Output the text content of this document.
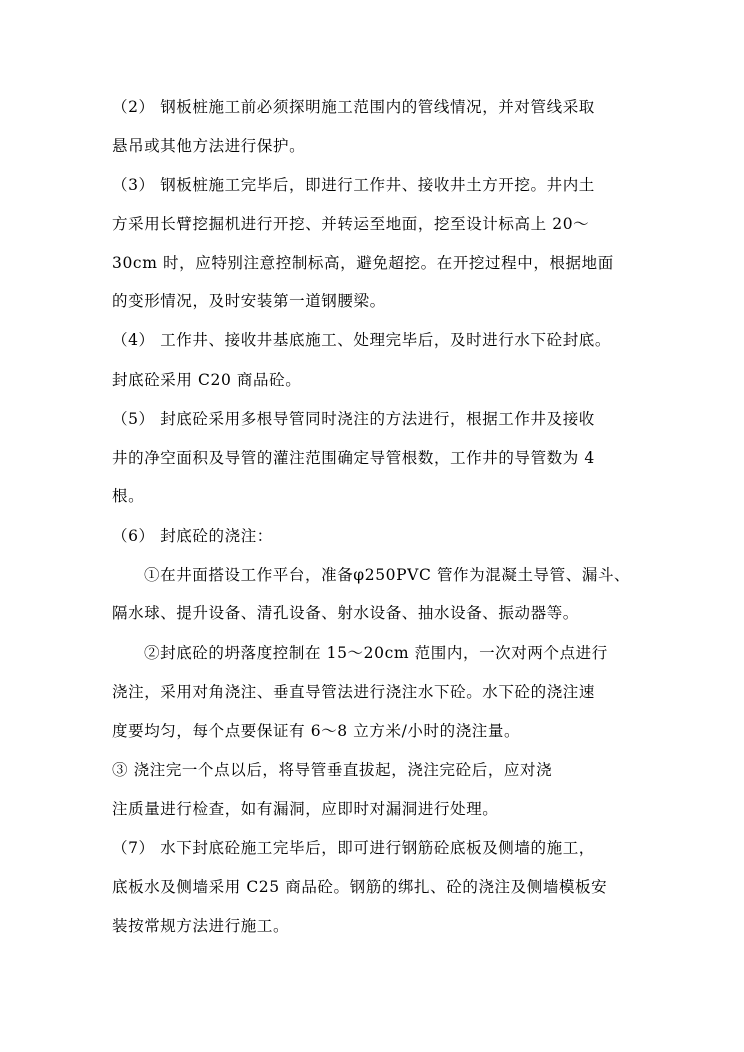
（2） 钢板桩施工前必须探明施工范围内的管线情况，并对管线采取
悬吊或其他方法进行保护。
（3） 钢板桩施工完毕后，即进行工作井、接收井土方开挖。井内土
方采用长臂挖掘机进行开挖、并转运至地面，挖至设计标高上 20～
30cm 时，应特别注意控制标高，避免超挖。在开挖过程中，根据地面
的变形情况，及时安装第一道钢腰梁。
（4） 工作井、接收井基底施工、处理完毕后，及时进行水下砼封底。
封底砼采用 C20 商品砼。
（5） 封底砼采用多根导管同时浇注的方法进行，根据工作井及接收
井的净空面积及导管的灌注范围确定导管根数，工作井的导管数为 4
根。
（6） 封底砼的浇注：
①在井面搭设工作平台，准备φ250PVC 管作为混凝土导管、漏斗、
隔水球、提升设备、清孔设备、射水设备、抽水设备、振动器等。
②封底砼的坍落度控制在 15～20cm 范围内，一次对两个点进行
浇注，采用对角浇注、垂直导管法进行浇注水下砼。水下砼的浇注速
度要均匀，每个点要保证有 6～8 立方米/小时的浇注量。
③ 浇注完一个点以后，将导管垂直拔起，浇注完砼后，应对浇
注质量进行检查，如有漏洞，应即时对漏洞进行处理。
（7） 水下封底砼施工完毕后，即可进行钢筋砼底板及侧墙的施工，
底板水及侧墙采用 C25 商品砼。钢筋的绑扎、砼的浇注及侧墙模板安
装按常规方法进行施工。
